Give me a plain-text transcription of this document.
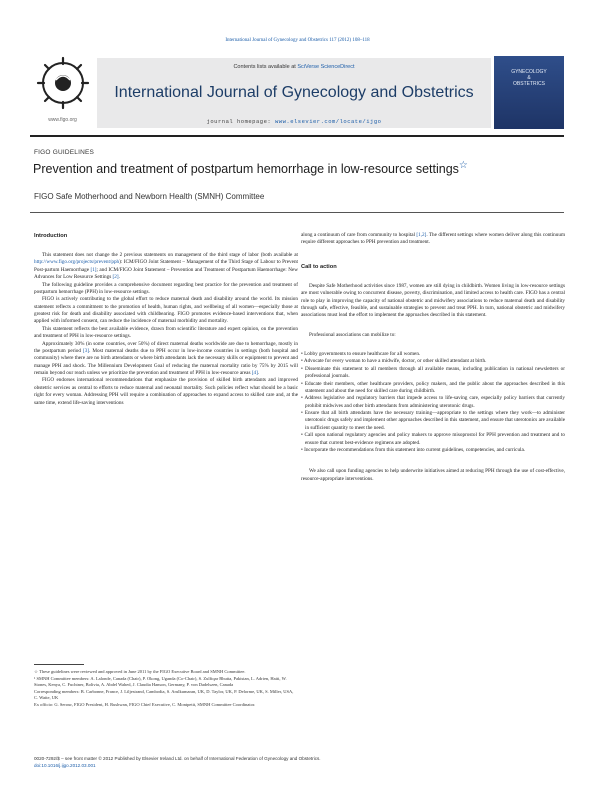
International Journal of Gynecology and Obstetrics 117 (2012) 108–118
www.figo.org
Contents lists available at SciVerse ScienceDirect
International Journal of Gynecology and Obstetrics
journal homepage: www.elsevier.com/locate/ijgo
GYNECOLOGY
&
OBSTETRICS
FIGO GUIDELINES
Prevention and treatment of postpartum hemorrhage in low-resource settings☆
FIGO Safe Motherhood and Newborn Health (SMNH) Committee

Introduction

This statement does not change the 2 previous statements on management of the third stage of labor (both available at http://www.figo.org/projects/prevent/pph): ICM/FIGO Joint Statement – Management of the Third Stage of Labour to Prevent Post-partum Haemorrhage [1]; and ICM/FIGO Joint Statement – Prevention and Treatment of Postpartum Haemorrhage: New Advances for Low Resource Settings [2].

The following guideline provides a comprehensive document regarding best practice for the prevention and treatment of postpartum hemorrhage (PPH) in low-resource settings.

FIGO is actively contributing to the global effort to reduce maternal death and disability around the world. Its mission statement reflects a commitment to the promotion of health, human rights, and wellbeing of all women—especially those at greatest risk for death and disability associated with childbearing. FIGO promotes evidence-based interventions that, when applied with informed consent, can reduce the incidence of maternal morbidity and mortality.

This statement reflects the best available evidence, drawn from scientific literature and expert opinion, on the prevention and treatment of PPH in low-resource settings.

Approximately 30% (in some countries, over 50%) of direct maternal deaths worldwide are due to hemorrhage, mostly in the postpartum period [3]. Most maternal deaths due to PPH occur in low-income countries in settings (both hospital and community) where there are no birth attendants or where birth attendants lack the necessary skills or equipment to prevent and manage PPH and shock. The Millennium Development Goal of reducing the maternal mortality ratio by 75% by 2015 will remain beyond our reach unless we prioritize the prevention and treatment of PPH in low-resource areas [4].

FIGO endorses international recommendations that emphasize the provision of skilled birth attendants and improved obstetric services as central to efforts to reduce maternal and neonatal mortality. Such policies reflect what should be a basic right for every woman. Addressing PPH will require a combination of approaches to expand access to skilled care and, at the same time, extend life-saving interventions

☆ These guidelines were reviewed and approved in June 2011 by the FIGO Executive Board and SMNH Committee.

¹ SMNH Committee members: A. Lalonde, Canada (Chair), P. Okong, Uganda (Co-Chair), S. Zulfiqar Bhutta, Pakistan, L. Adrien, Haiti, W. Stones, Kenya, C. Fuchtner, Bolivia, A. Abdel Wahed, J. Claudia Hanson, Germany, P. von Dadelszen, Canada

Corresponding members: B. Carbonne, France, J. Liljestrand, Cambodia, S. Arulkumaran, UK, D. Taylor, UK, P. Delorme, UK, S. Miller, USA, C. Waite, UK

Ex officio: G. Serour, FIGO President, H. Rushwan, FIGO Chief Executive, C. Montpetit, SMNH Committee Coordinator.

0020-7292/$ – see front matter © 2012 Published by Elsevier Ireland Ltd. on behalf of International Federation of Gynecology and Obstetrics.
doi:10.1016/j.ijgo.2012.03.001

along a continuum of care from community to hospital [1,2]. The different settings where women deliver along this continuum require different approaches to PPH prevention and treatment.

Call to action

Despite Safe Motherhood activities since 1987, women are still dying in childbirth. Women living in low-resource settings are most vulnerable owing to concurrent disease, poverty, discrimination, and limited access to health care. FIGO has a central role to play in improving the capacity of national obstetric and midwifery associations to reduce maternal death and disability through safe, effective, feasible, and sustainable strategies to prevent and treat PPH. In turn, national obstetric and midwifery associations must lead the effort to implement the approaches described in this statement.

Professional associations can mobilize to:

• Lobby governments to ensure healthcare for all women.
• Advocate for every woman to have a midwife, doctor, or other skilled attendant at birth.
• Disseminate this statement to all members through all available means, including publication in national newsletters or professional journals.
• Educate their members, other healthcare providers, policy makers, and the public about the approaches described in this statement and about the need for skilled care during childbirth.
• Address legislative and regulatory barriers that impede access to life-saving care, especially policy barriers that currently prohibit midwives and other birth attendants from administering uterotonic drugs.
• Ensure that all birth attendants have the necessary training—appropriate to the settings where they work—to administer uterotonic drugs safely and implement other approaches described in this statement, and ensure that uterotonics are available in sufficient quantity to meet the need.
• Call upon national regulatory agencies and policy makers to approve misoprostol for PPH prevention and treatment and to ensure that current best-evidence regimens are adopted.
• Incorporate the recommendations from this statement into current guidelines, competencies, and curricula.

We also call upon funding agencies to help underwrite initiatives aimed at reducing PPH through the use of cost-effective, resource-appropriate interventions.
